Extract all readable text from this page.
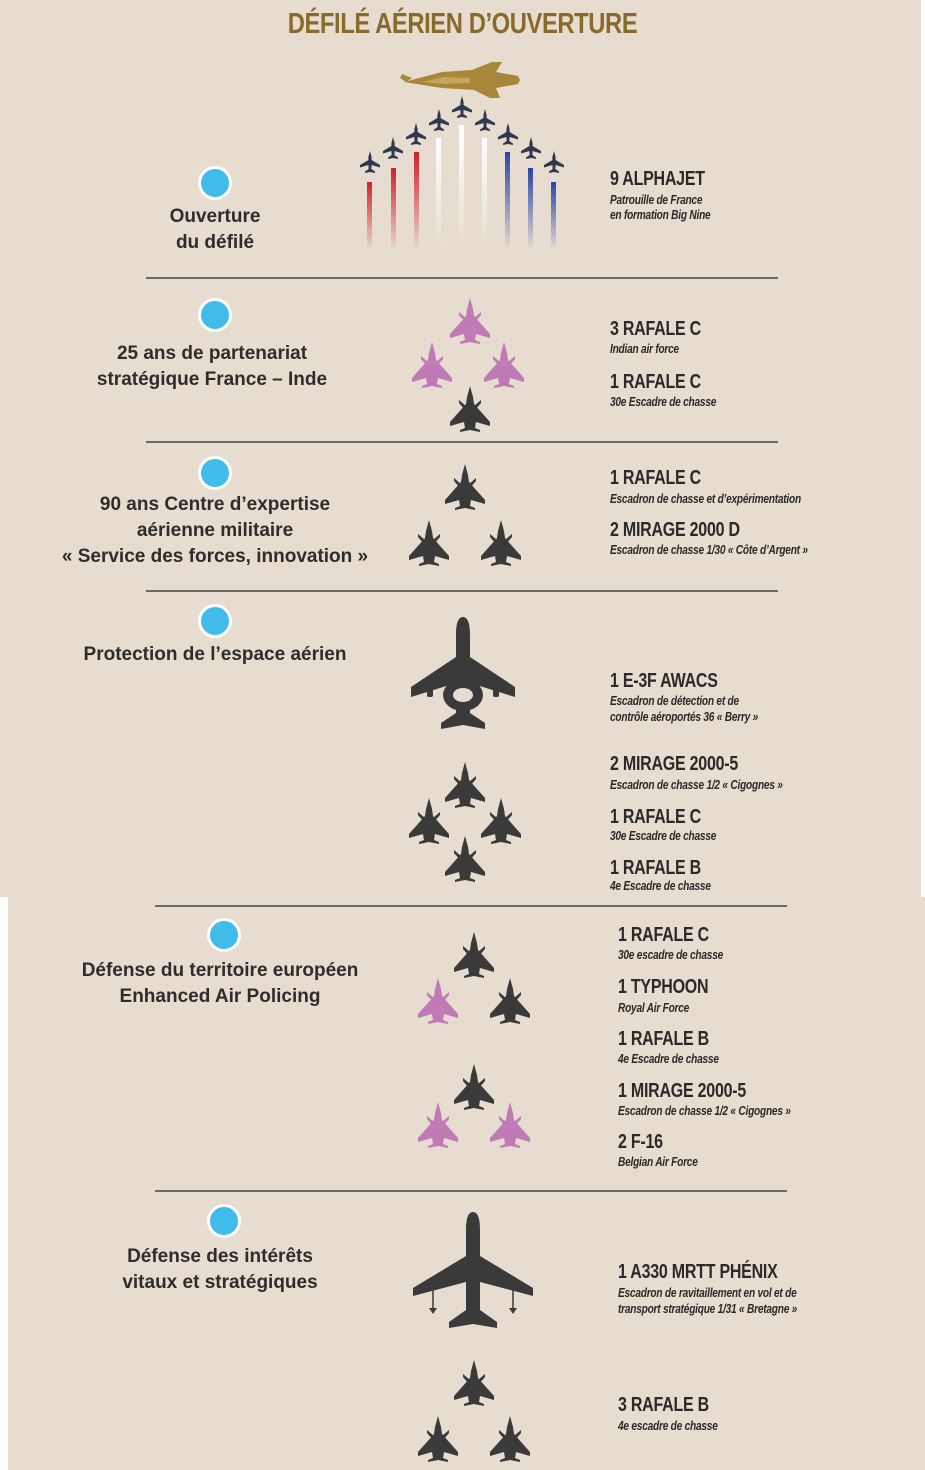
DÉFILÉ AÉRIEN D’OUVERTURE
Ouverture
du défilé
25 ans de partenariat
stratégique France – Inde
90 ans Centre d’expertise
aérienne militaire
« Service des forces, innovation »
Protection de l’espace aérien
Défense du territoire européen
Enhanced Air Policing
Défense des intérêts
vitaux et stratégiques
9 ALPHAJET
Patrouille de France
en formation Big Nine
3 RAFALE C
Indian air force
1 RAFALE C
30e Escadre de chasse
1 RAFALE C
Escadron de chasse et d’expérimentation
2 MIRAGE 2000 D
Escadron de chasse 1/30 « Côte d’Argent »
1 E-3F AWACS
Escadron de détection et de
contrôle aéroportés 36 « Berry »
2 MIRAGE 2000-5
Escadron de chasse 1/2 « Cigognes »
1 RAFALE C
30e Escadre de chasse
1 RAFALE B
4e Escadre de chasse
1 RAFALE C
30e escadre de chasse
1 TYPHOON
Royal Air Force
1 RAFALE B
4e Escadre de chasse
1 MIRAGE 2000-5
Escadron de chasse 1/2 « Cigognes »
2 F-16
Belgian Air Force
1 A330 MRTT PHÉNIX
Escadron de ravitaillement en vol et de
transport stratégique 1/31 « Bretagne »
3 RAFALE B
4e escadre de chasse
